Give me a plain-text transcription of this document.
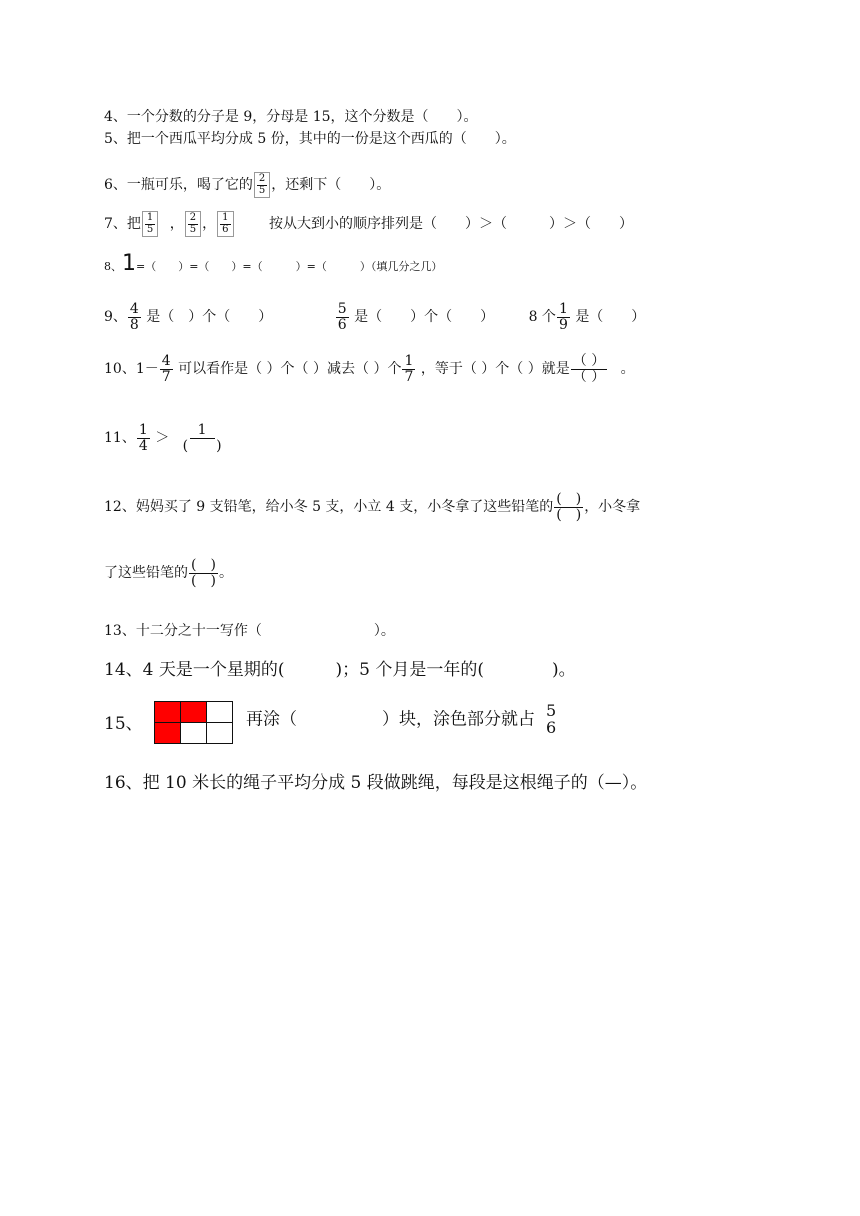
4、一个分数的分子是 9，分母是 15，这个分数是（　　）。
5、把一个西瓜平均分成 5 份，其中的一份是这个西瓜的（　　）。
6、一瓶可乐，喝了它的 $\frac{2}{5}$ ，还剩下（　　）。
7、把 $\frac{1}{5}$ ， $\frac{2}{5}$ ， $\frac{1}{6}$	按从大到小的顺序排列是（　　）＞（　　　）＞（　　）
8、1=（　　）=（　　）=（　　　）=（　　　）（填几分之几）
9、 $\frac{4}{8}$ 是（　）个（　　）	$\frac{5}{6}$ 是（　　）个（　　） 8 个 $\frac{1}{9}$ 是（　　）
10、$1- \frac{4}{7}$ 可以看作是（ ）个（ ）减去（ ）个 $\frac{1}{7}$ ，等于（ ）个（ ）就是 $\frac{( )}{( )}$ 。
11、 $\frac{1}{4} > \frac{1}{( )}$
12、妈妈买了 9 支铅笔，给小冬 5 支，小立 4 支，小冬拿了这些铅笔的 $\frac{( )}{( )}$ ，小冬拿
了这些铅笔的 $\frac{( )}{( )}$ 。
13、十二分之十一写作（　　　　　　　　）。
14、4 天是一个星期的(　　　)；5 个月是一年的(　　　　)。
15、

			再涂（　　　　　）块，涂色部分就占 5
6
16、把 10 米长的绳子平均分成 5 段做跳绳，每段是这根绳子的（—）。
